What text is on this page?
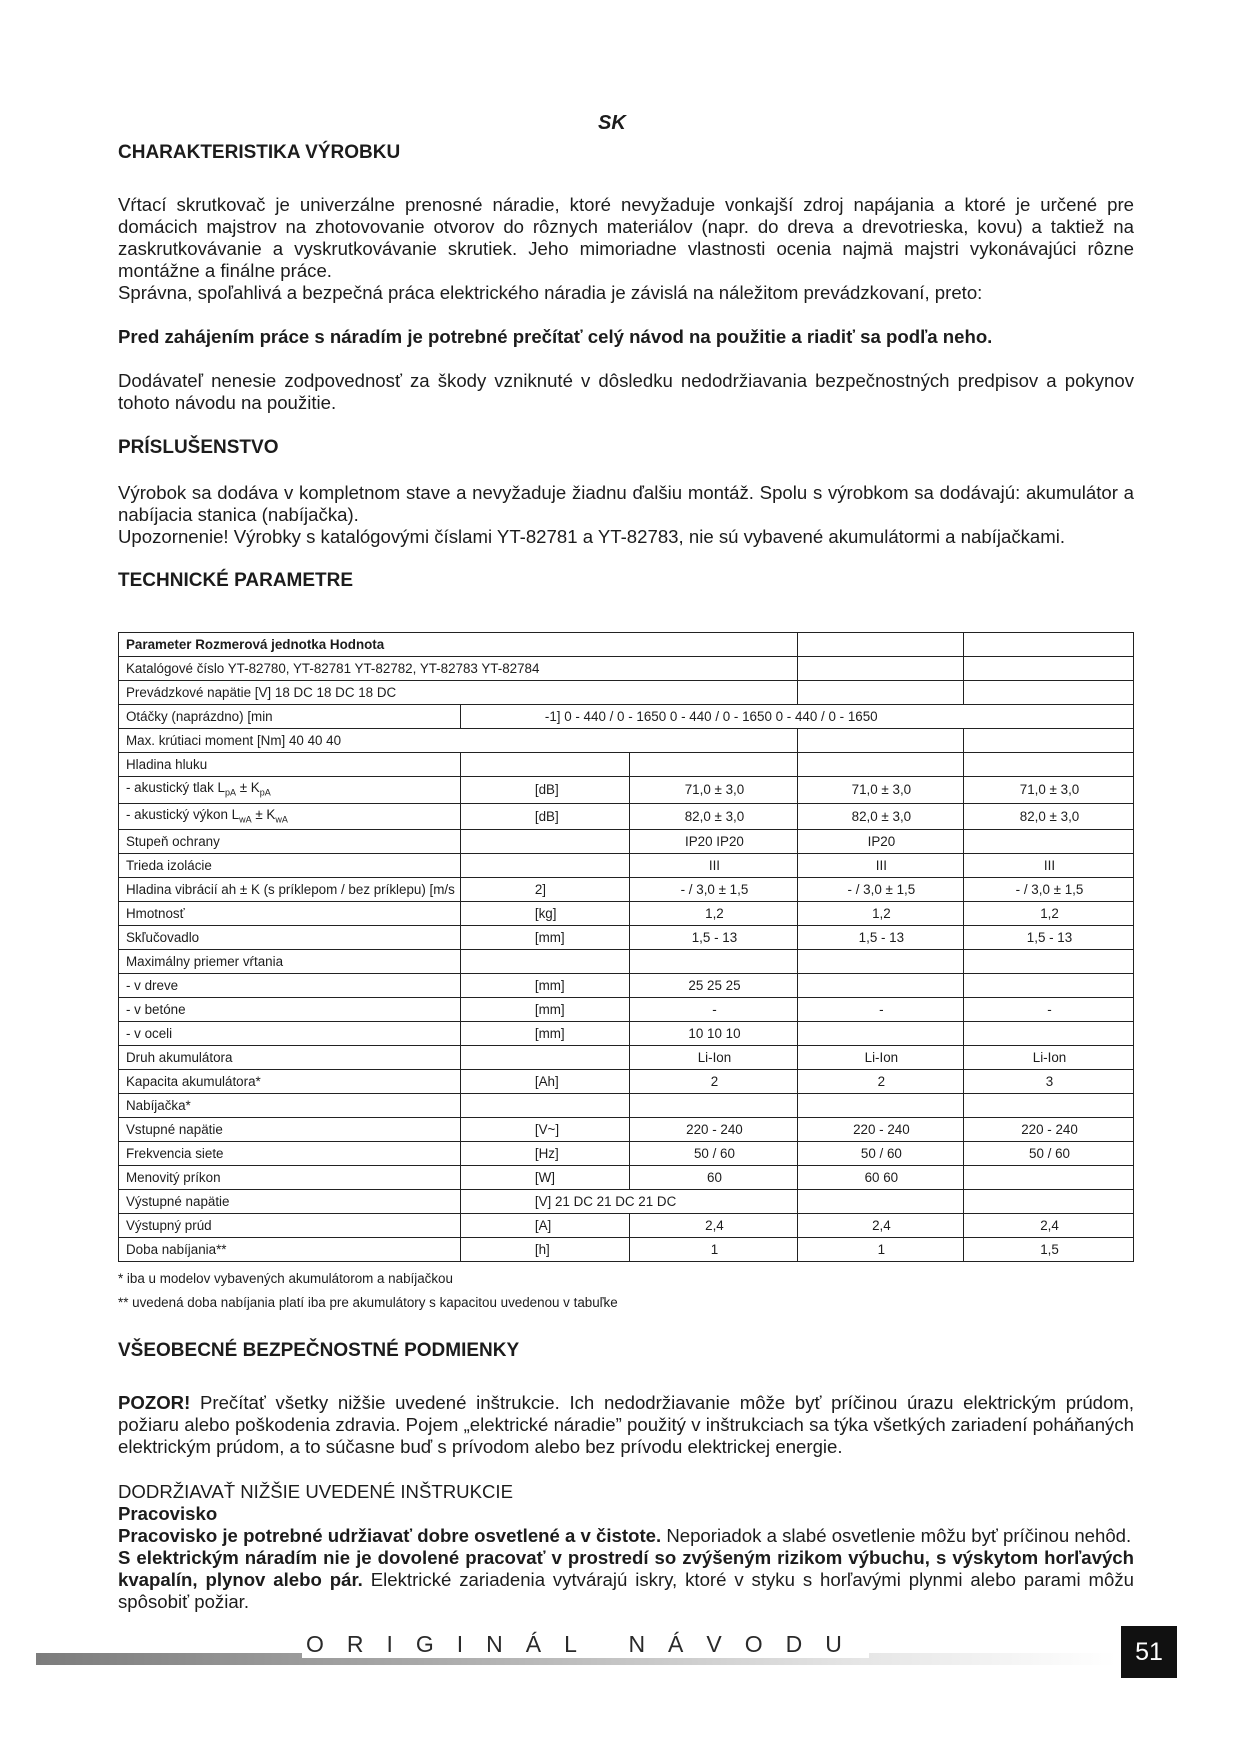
SK
CHARAKTERISTIKA VÝROBKU

Vŕtací skrutkovač je univerzálne prenosné náradie, ktoré nevyžaduje vonkajší zdroj napájania a ktoré je určené pre domácich majstrov na zhotovovanie otvorov do rôznych materiálov (napr. do dreva a drevotrieska, kovu) a taktiež na zaskrutkovávanie a vyskrutkovávanie skrutiek. Jeho mimoriadne vlastnosti ocenia najmä majstri vykonávajúci rôzne montážne a finálne práce.

Správna, spoľahlivá a bezpečná práca elektrického náradia je závislá na náležitom prevádzkovaní, preto:

Pred zahájením práce s náradím je potrebné prečítať celý návod na použitie a riadiť sa podľa neho.

Dodávateľ nenesie zodpovednosť za škody vzniknuté v dôsledku nedodržiavania bezpečnostných predpisov a pokynov tohoto návodu na použitie.

PRÍSLUŠENSTVO

Výrobok sa dodáva v kompletnom stave a nevyžaduje žiadnu ďalšiu montáž. Spolu s výrobkom sa dodávajú: akumulátor a nabíjacia stanica (nabíjačka).

Upozornenie! Výrobky s katalógovými číslami YT-82781 a YT-82783, nie sú vybavené akumulátormi a nabíjačkami.

TECHNICKÉ PARAMETRE
Parameter Rozmerová jednotka Hodnota				
Katalógové číslo YT-82780, YT-82781 YT-82782, YT-82783 YT-82784				
Prevádzkové napätie [V] 18 DC 18 DC 18 DC				
Otáčky (naprázdno) [min	-1] 0 - 440 / 0 - 1650 0 - 440 / 0 - 1650 0 - 440 / 0 - 1650			
Max. krútiaci moment [Nm] 40 40 40				
Hladina hluku				
- akustický tlak $L_{pA} \pm K_{pA}$	[dB]	71,0 ± 3,0	71,0 ± 3,0	71,0 ± 3,0
- akustický výkon $L_{wA} \pm K_{wA}$	[dB]	82,0 ± 3,0	82,0 ± 3,0	82,0 ± 3,0
Stupeň ochrany		IP20 IP20	IP20	
Trieda izolácie		III	III	III
Hladina vibrácií ah ± K (s príklepom / bez príklepu) [m/s	2]	- / 3,0 ± 1,5	- / 3,0 ± 1,5	- / 3,0 ± 1,5
Hmotnosť	[kg]	1,2	1,2	1,2
Skľučovadlo	[mm]	1,5 - 13	1,5 - 13	1,5 - 13
Maximálny priemer vŕtania				
- v dreve	[mm]	25 25 25		
- v betóne	[mm]	-	-	-
- v oceli	[mm]	10 10 10		
Druh akumulátora		Li-Ion	Li-Ion	Li-Ion
Kapacita akumulátora*	[Ah]	2	2	3
Nabíjačka*				
Vstupné napätie	[V~]	220 - 240	220 - 240	220 - 240
Frekvencia siete	[Hz]	50 / 60	50 / 60	50 / 60
Menovitý príkon	[W]	60	60 60	
Výstupné napätie	[V] 21 DC 21 DC 21 DC			
Výstupný prúd	[A]	2,4	2,4	2,4
Doba nabíjania**	[h]	1	1	1,5
* iba u modelov vybavených akumulátorom a nabíjačkou
** uvedená doba nabíjania platí iba pre akumulátory s kapacitou uvedenou v tabuľke
VŠEOBECNÉ BEZPEČNOSTNÉ PODMIENKY

POZOR! Prečítať všetky nižšie uvedené inštrukcie. Ich nedodržiavanie môže byť príčinou úrazu elektrickým prúdom, požiaru alebo poškodenia zdravia. Pojem „elektrické náradie” použitý v inštrukciach sa týka všetkých zariadení poháňaných elektrickým prúdom, a to súčasne buď s prívodom alebo bez prívodu elektrickej energie.

DODRŽIAVAŤ NIŽŠIE UVEDENÉ INŠTRUKCIE

Pracovisko

Pracovisko je potrebné udržiavať dobre osvetlené a v čistote. Neporiadok a slabé osvetlenie môžu byť príčinou nehôd.

S elektrickým náradím nie je dovolené pracovať v prostredí so zvýšeným rizikom výbuchu, s výskytom horľavých kvapalín, plynov alebo pár. Elektrické zariadenia vytvárajú iskry, ktoré v styku s horľavými plynmi alebo parami môžu spôsobiť požiar.

ORIGINÁL NÁVODU	51
